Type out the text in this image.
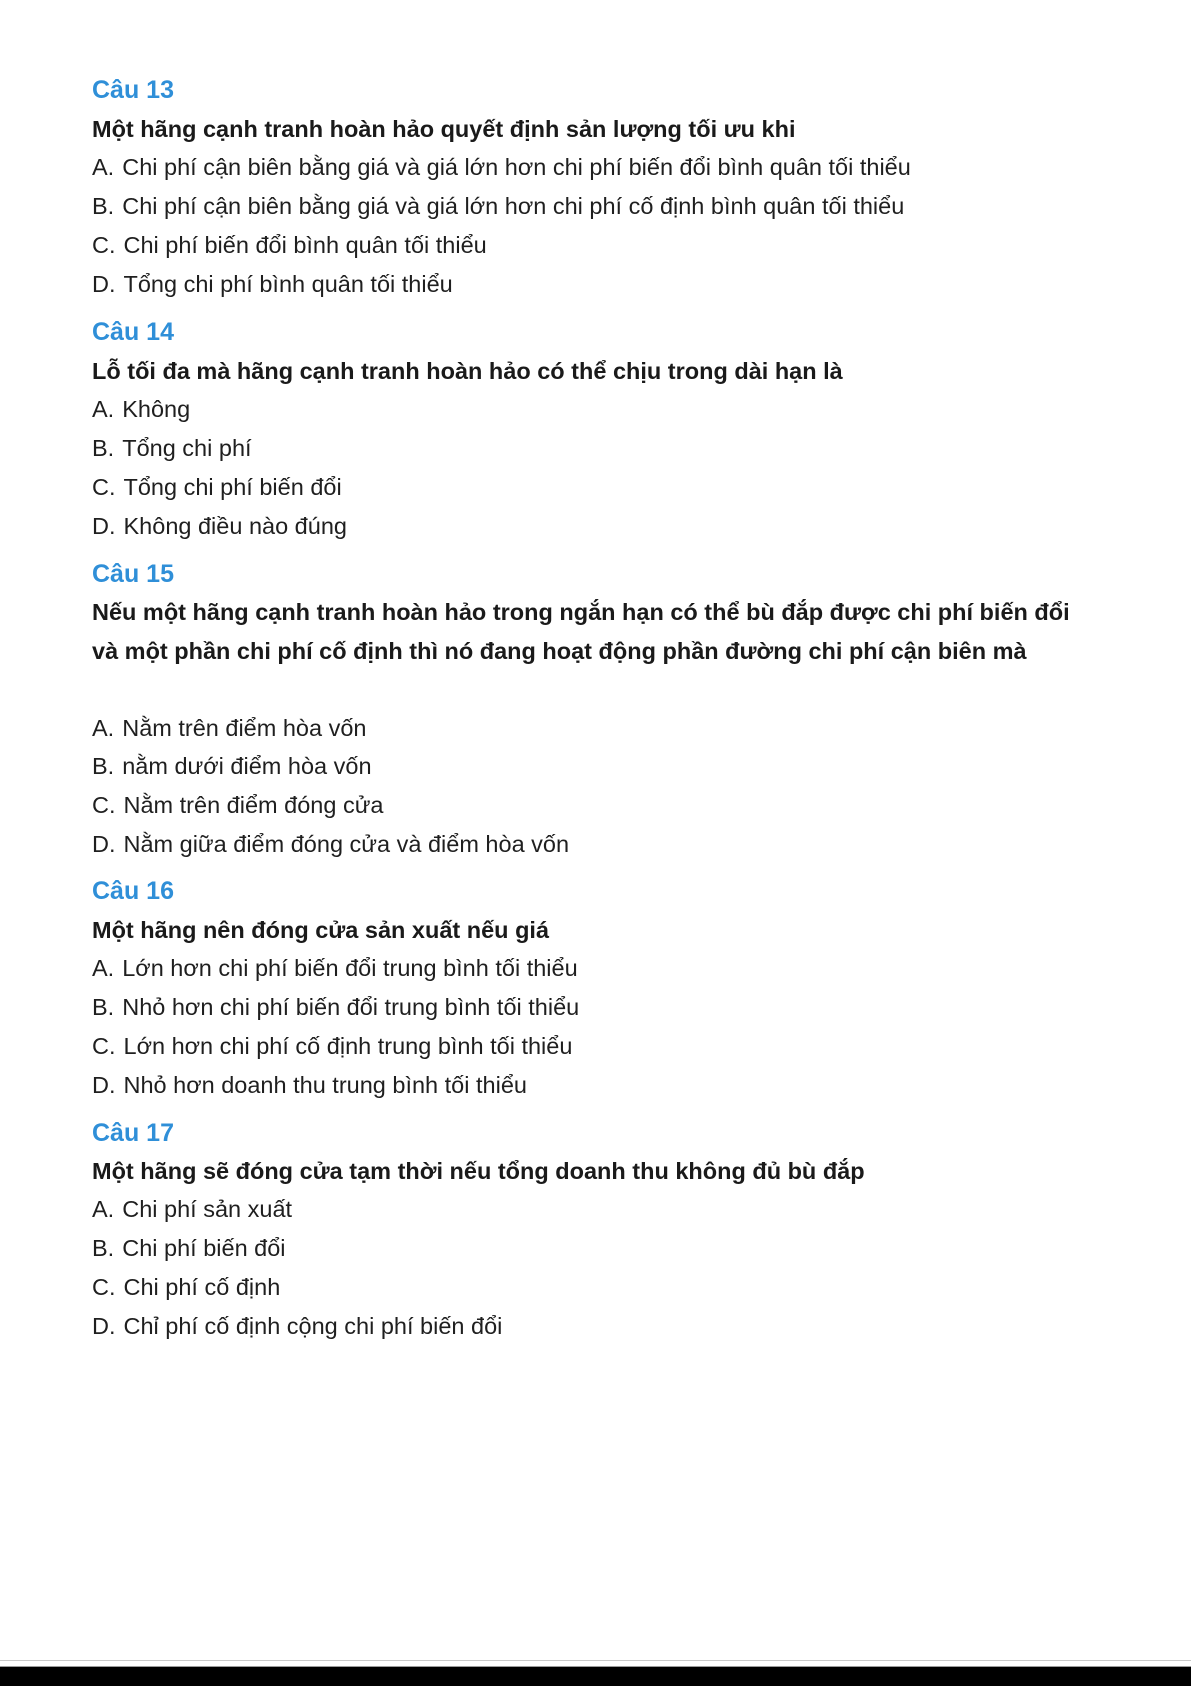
Câu 13
Một hãng cạnh tranh hoàn hảo quyết định sản lượng tối ưu khi
A. Chi phí cận biên bằng giá và giá lớn hơn chi phí biến đổi bình quân tối thiểu
B. Chi phí cận biên bằng giá và giá lớn hơn chi phí cố định bình quân tối thiểu
C. Chi phí biến đổi bình quân tối thiểu
D. Tổng chi phí bình quân tối thiểu
Câu 14
Lỗ tối đa mà hãng cạnh tranh hoàn hảo có thể chịu trong dài hạn là
A. Không
B. Tổng chi phí
C. Tổng chi phí biến đổi
D. Không điều nào đúng
Câu 15
Nếu một hãng cạnh tranh hoàn hảo trong ngắn hạn có thể bù đắp được chi phí biến đổi và một phần chi phí cố định thì nó đang hoạt động phần đường chi phí cận biên mà
A. Nằm trên điểm hòa vốn
B. nằm dưới điểm hòa vốn
C. Nằm trên điểm đóng cửa
D. Nằm giữa điểm đóng cửa và điểm hòa vốn
Câu 16
Một hãng nên đóng cửa sản xuất nếu giá
A. Lớn hơn chi phí biến đổi trung bình tối thiểu
B. Nhỏ hơn chi phí biến đổi trung bình tối thiểu
C. Lớn hơn chi phí cố định trung bình tối thiểu
D. Nhỏ hơn doanh thu trung bình tối thiểu
Câu 17
Một hãng sẽ đóng cửa tạm thời nếu tổng doanh thu không đủ bù đắp
A. Chi phí sản xuất
B. Chi phí biến đổi
C. Chi phí cố định
D. Chỉ phí cố định cộng chi phí biến đổi
